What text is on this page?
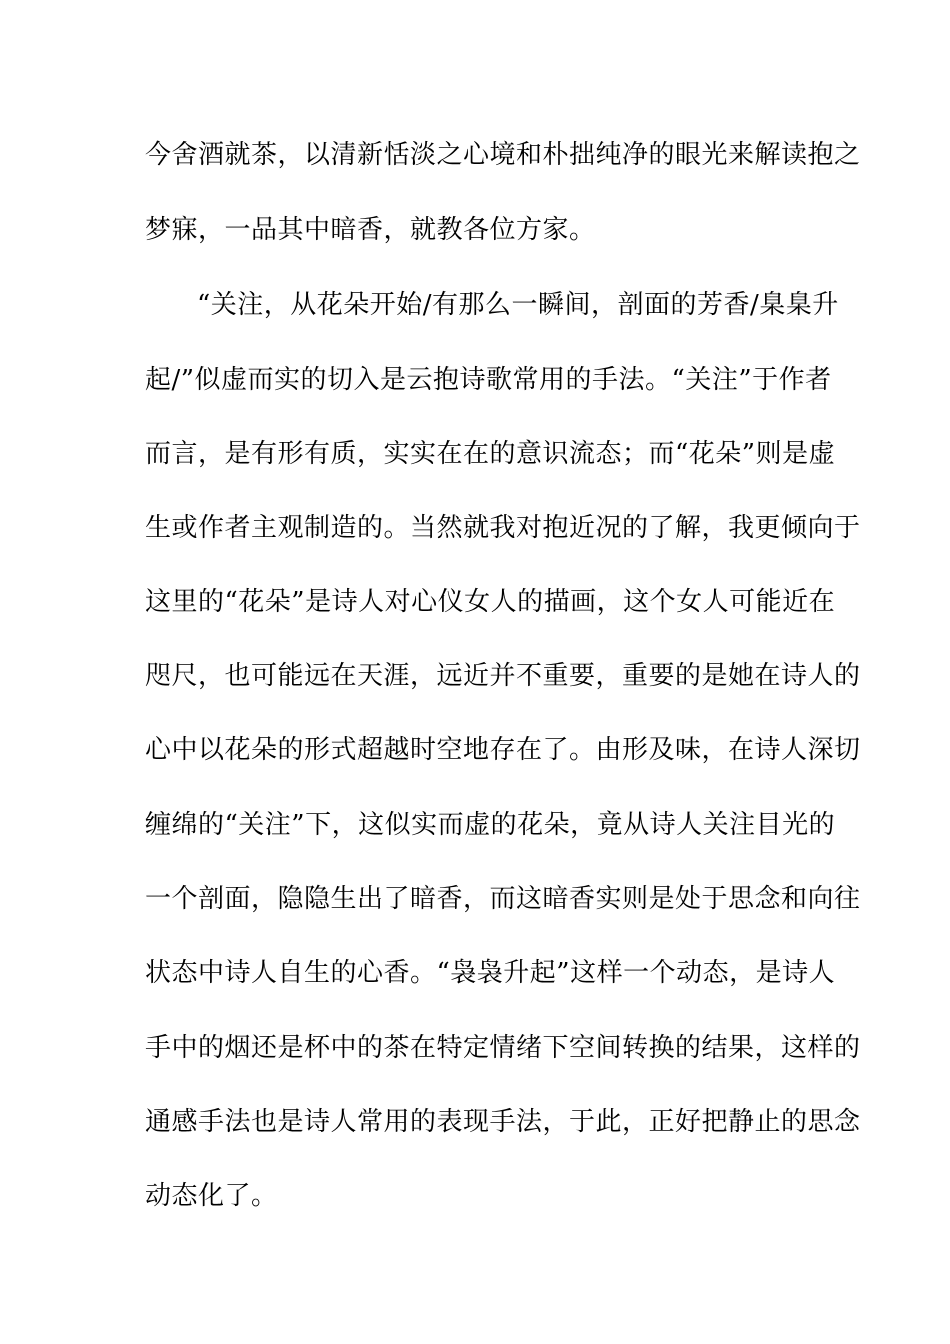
今舍酒就茶，以清新恬淡之心境和朴拙纯净的眼光来解读抱之
梦寐，一品其中暗香，就教各位方家。
“关注，从花朵开始/有那么一瞬间，剖面的芳香/臬臬升
起/”似虚而实的切入是云抱诗歌常用的手法。“关注”于作者
而言，是有形有质，实实在在的意识流态；而“花朵”则是虚
生或作者主观制造的。当然就我对抱近况的了解，我更倾向于
这里的“花朵”是诗人对心仪女人的描画，这个女人可能近在
咫尺，也可能远在天涯，远近并不重要，重要的是她在诗人的
心中以花朵的形式超越时空地存在了。由形及味，在诗人深切
缠绵的“关注”下，这似实而虚的花朵，竟从诗人关注目光的
一个剖面，隐隐生出了暗香，而这暗香实则是处于思念和向往
状态中诗人自生的心香。“袅袅升起”这样一个动态，是诗人
手中的烟还是杯中的茶在特定情绪下空间转换的结果，这样的
通感手法也是诗人常用的表现手法，于此，正好把静止的思念
动态化了。
